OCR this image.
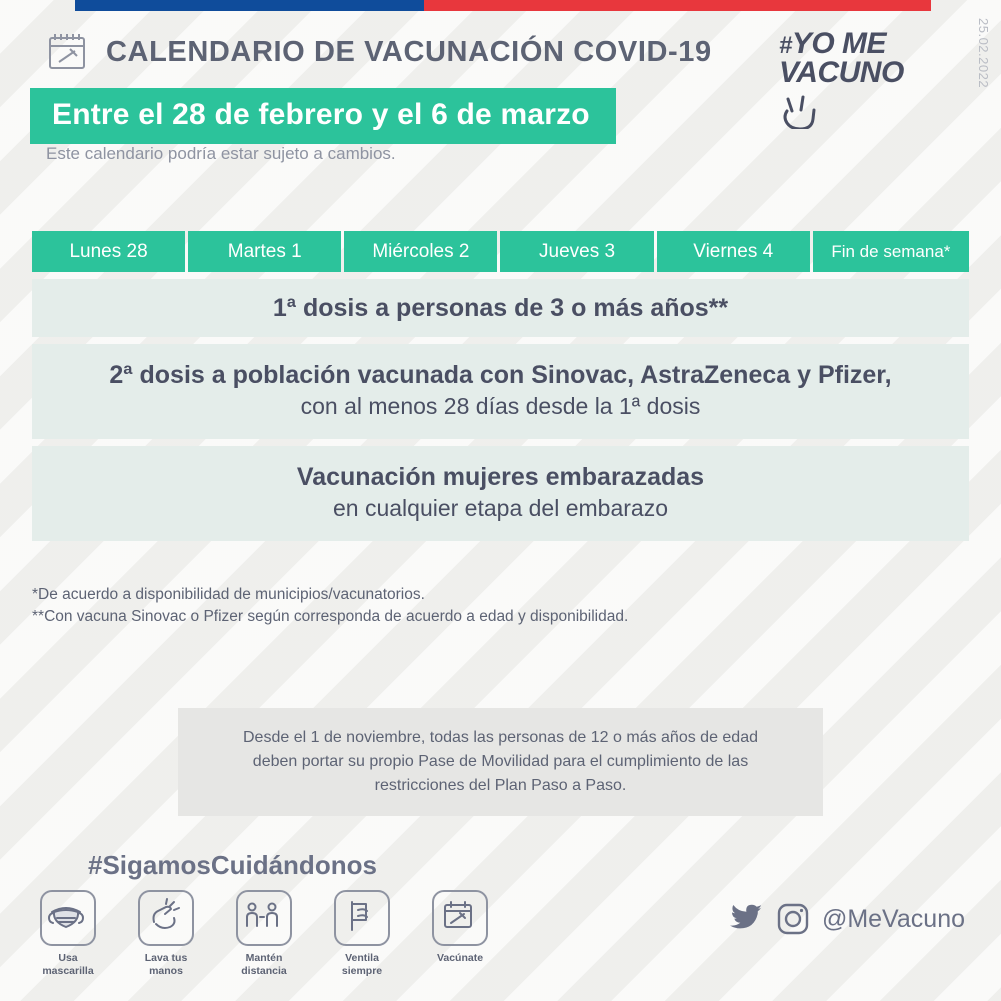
25.02.2022
CALENDARIO DE VACUNACIÓN COVID-19
Entre el 28 de febrero y el 6 de marzo
Este calendario podría estar sujeto a cambios.
#YO ME
VACUNO
Lunes 28	Martes 1	Miércoles 2	Jueves 3	Viernes 4	Fin de semana*
1ª dosis a personas de 3 o más años**
2ª dosis a población vacunada con Sinovac, AstraZeneca y Pfizer,
con al menos 28 días desde la 1ª dosis
Vacunación mujeres embarazadas
en cualquier etapa del embarazo
*De acuerdo a disponibilidad de municipios/vacunatorios.
**Con vacuna Sinovac o Pfizer según corresponda de acuerdo a edad y disponibilidad.
Desde el 1 de noviembre, todas las personas de 12 o más años de edad
deben portar su propio Pase de Movilidad para el cumplimiento de las
restricciones del Plan Paso a Paso.
#SigamosCuidándonos
Usa
mascarilla
Lava tus
manos
Mantén
distancia
Ventila
siempre
Vacúnate
@MeVacuno
